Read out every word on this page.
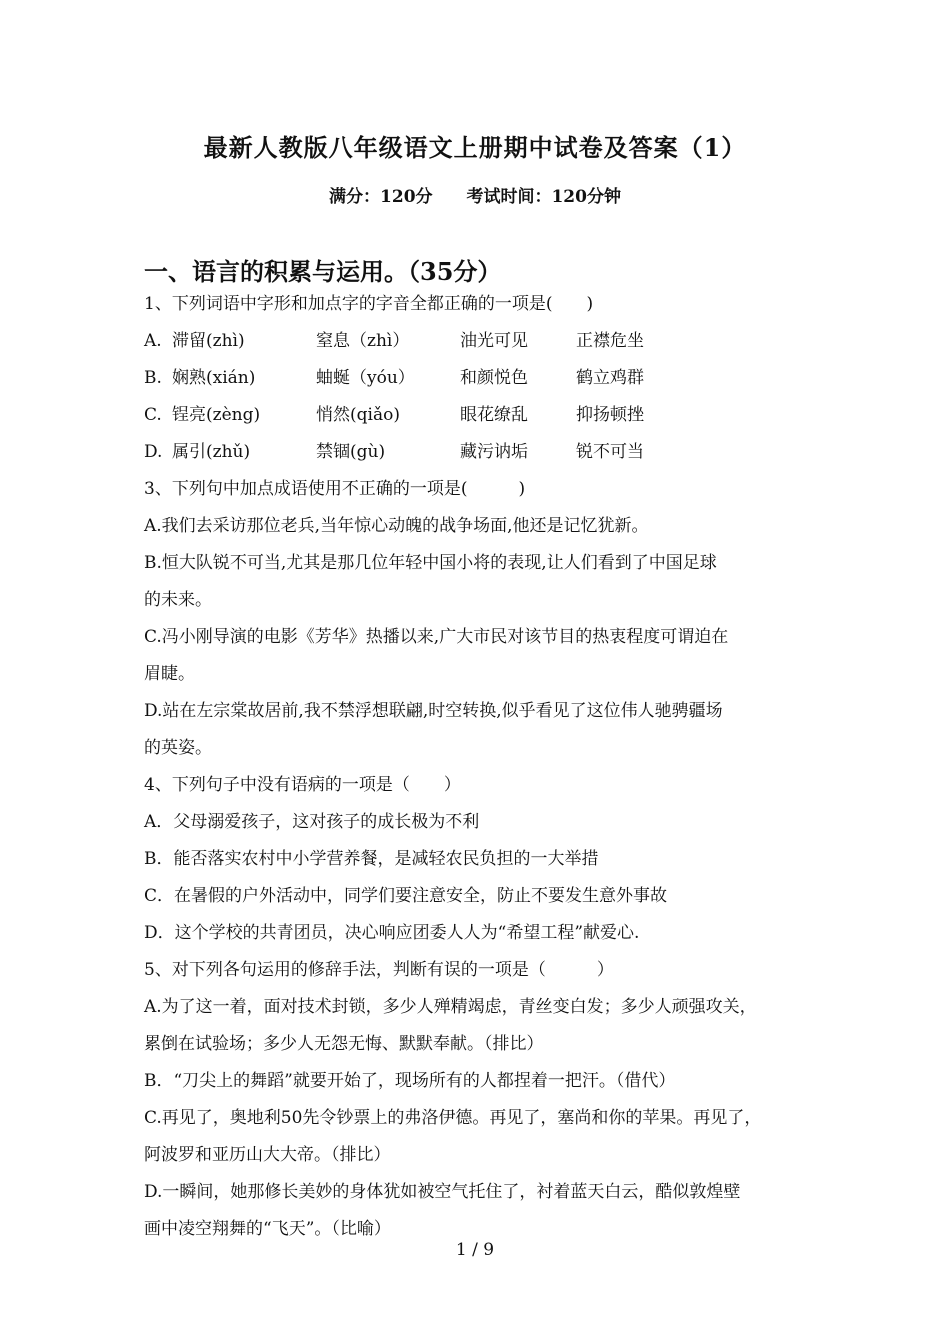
最新人教版八年级语文上册期中试卷及答案（1）
满分：120分 考试时间：120分钟
一、语言的积累与运用。（35分）
1、下列词语中字形和加点字的字音全都正确的一项是(　　)
A. 滞留(zhì)	窒息（zhì）	油光可见	正襟危坐
B. 娴熟(xián)	蚰蜒（yóu）	和颜悦色	鹤立鸡群
C. 锃亮(zèng)	悄然(qiǎo)	眼花缭乱	抑扬顿挫
D. 属引(zhǔ)	禁锢(gù)	藏污讷垢	锐不可当
3、下列句中加点成语使用不正确的一项是(　　　)
A.我们去采访那位老兵,当年惊心动魄的战争场面,他还是记忆犹新。
B.恒大队锐不可当,尤其是那几位年轻中国小将的表现,让人们看到了中国足球
的未来。
C.冯小刚导演的电影《芳华》热播以来,广大市民对该节目的热衷程度可谓迫在
眉睫。
D.站在左宗棠故居前,我不禁浮想联翩,时空转换,似乎看见了这位伟人驰骋疆场
的英姿。
4、下列句子中没有语病的一项是（　　）
A．父母溺爱孩子，这对孩子的成长极为不利
B．能否落实农村中小学营养餐，是减轻农民负担的一大举措
C．在暑假的户外活动中，同学们要注意安全，防止不要发生意外事故
D．这个学校的共青团员，决心响应团委人人为“希望工程”献爱心.
5、对下列各句运用的修辞手法，判断有误的一项是（　　　）
A.为了这一着，面对技术封锁，多少人殚精竭虑，青丝变白发；多少人顽强攻关，
累倒在试验场；多少人无怨无悔、默默奉献。（排比）
B．“刀尖上的舞蹈”就要开始了，现场所有的人都捏着一把汗。（借代）
C.再见了，奥地利50先令钞票上的弗洛伊德。再见了，塞尚和你的苹果。再见了，
阿波罗和亚历山大大帝。（排比）
D.一瞬间，她那修长美妙的身体犹如被空气托住了，衬着蓝天白云，酷似敦煌壁
画中凌空翔舞的“飞天”。（比喻）
1 / 9
